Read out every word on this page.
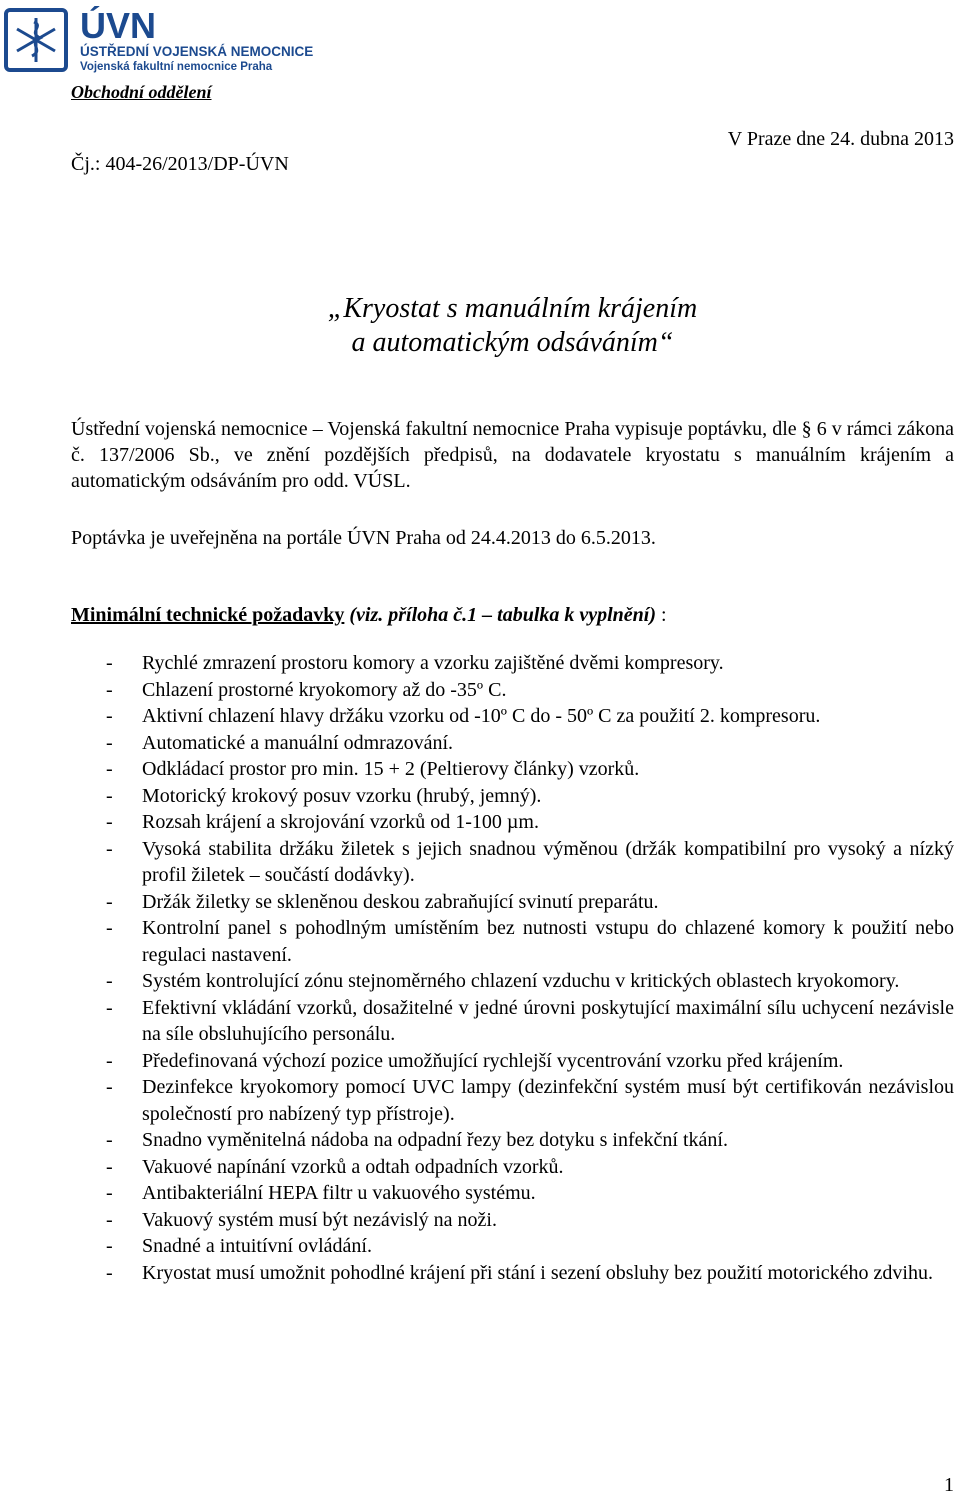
ÚVN
ÚSTŘEDNÍ VOJENSKÁ NEMOCNICE
Vojenská fakultní nemocnice Praha
Obchodní oddělení
V Praze dne 24. dubna 2013
Čj.: 404-26/2013/DP-ÚVN
„Kryostat s manuálním krájením
a automatickým odsáváním“
Ústřední vojenská nemocnice – Vojenská fakultní nemocnice Praha vypisuje poptávku, dle § 6 v rámci zákona č. 137/2006 Sb., ve znění pozdějších předpisů, na dodavatele kryostatu s manuálním krájením a automatickým odsáváním pro odd. VÚSL.
Poptávka je uveřejněna na portále ÚVN Praha od 24.4.2013 do 6.5.2013.
Minimální technické požadavky (viz. příloha č.1 – tabulka k vyplnění) :
- Rychlé zmrazení prostoru komory a vzorku zajištěné dvěmi kompresory.
- Chlazení prostorné kryokomory až do -35º C.
- Aktivní chlazení hlavy držáku vzorku od -10º C do - 50º C za použití 2. kompresoru.
- Automatické a manuální odmrazování.
- Odkládací prostor pro min. 15 + 2 (Peltierovy články) vzorků.
- Motorický krokový posuv vzorku (hrubý, jemný).
- Rozsah krájení a skrojování vzorků od 1-100 µm.
- Vysoká stabilita držáku žiletek s jejich snadnou výměnou (držák kompatibilní pro vysoký a nízký profil žiletek – součástí dodávky).
- Držák žiletky se skleněnou deskou zabraňující svinutí preparátu.
- Kontrolní panel s pohodlným umístěním bez nutnosti vstupu do chlazené komory k použití nebo regulaci nastavení.
- Systém kontrolující zónu stejnoměrného chlazení vzduchu v kritických oblastech kryokomory.
- Efektivní vkládání vzorků, dosažitelné v jedné úrovni poskytující maximální sílu uchycení nezávisle na síle obsluhujícího personálu.
- Předefinovaná výchozí pozice umožňující rychlejší vycentrování vzorku před krájením.
- Dezinfekce kryokomory pomocí UVC lampy (dezinfekční systém musí být certifikován nezávislou společností pro nabízený typ přístroje).
- Snadno vyměnitelná nádoba na odpadní řezy bez dotyku s infekční tkání.
- Vakuové napínání vzorků a odtah odpadních vzorků.
- Antibakteriální HEPA filtr u vakuového systému.
- Vakuový systém musí být nezávislý na noži.
- Snadné a intuitívní ovládání.
- Kryostat musí umožnit pohodlné krájení při stání i sezení obsluhy bez použití motorického zdvihu.
1
